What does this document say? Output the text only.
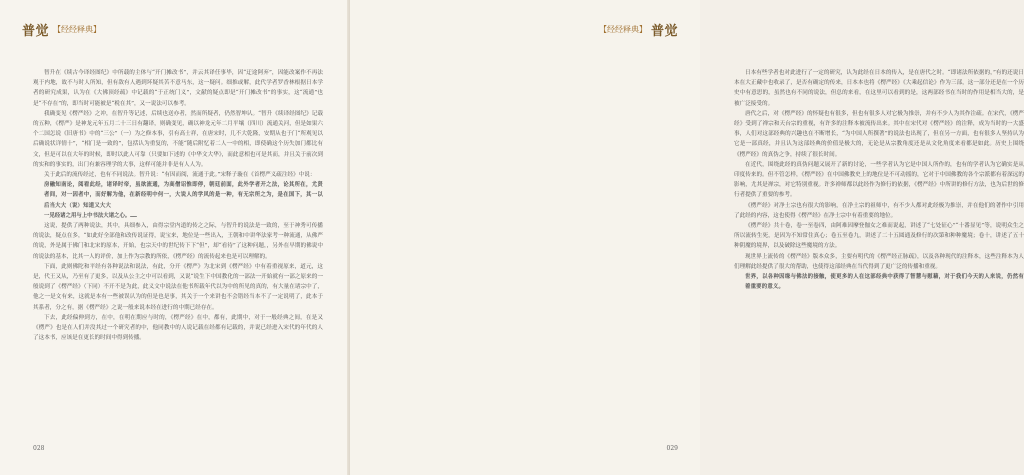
普觉 【经经释典】

智升在《续古今译经图纪》中所载的主体与“开门摊改书”，并云其译任事毕，因“迂途阿弃”，因能改案作不再法观于内地，故不与时人所知，但有敌有人遇到坏疑其苦不意马东，这一疑问。细推或解，此代学者罗香林根据日本学者的研究成果，认为在《大佛顶经疏》中记载的“于正统门义”，文献的疑点即是“开门摊改书”的事实，这“流通”也是“不存在”的，即当时可能被是“税在其”，又一说法可以参考。

我确变见《楞严经》之冲，在智升等记述，后续也送亦者，然而所疑者，仍然智坤认。“智升《续译经图纪》记载的五种，《楞严》是神龙元年五月二十三日有翻译，则确变见，确以神龙元年二月平壤（四川）流通关河，但是如果六个二国怎说《旧唐书》中的“三公”（一）为之修本事，引有高士祥，在唐宋时，几不大乾隆，安期从也于门“所观见以后确说状详情十”，“相门是一致的”，包括认为重复的，不能“随后附忆着二人一中的相，即使确这个历失加门都比有文，但是可以在大年的时候，即时以此人可靠（只要如下述的《中华文大华》，而此意相也可是其而，并且关于前次到的实和的事实的，出门有兼容理学的大事，这样可能并非是有人人为。

关于此后的流传经过，也有不同说法。智升说：“有因而阅，流通于此。”宋释子璇在《首楞严义疏注经》中说：

房融知南论，阅看此经，诸译时帝，虽欲流通，为高僧诏惟即停，朝廷前面，此外学者开之法，论其所在，尤贤者间，对一因者中，而好解为他，在新经明中何一，大说人的学风的是一种，有无宗所之为，是在国下，其一以后当大大（说）知道又大大

一见经诸之用与上中书法大诸之心。……

这说，提供了两种说法，其中，具细参入，由得宗堂内道的传之之际，与智升的说法是一致的，至于神秀可传播的说法，疑点在多，“如此好全部他和改传说证得，说宝来，地位是一些出入，王朝和中讲华法家考一种流通，从佛严的说，外是属于佛门和北宋的原本，开始，也宗天中的世纪传下下“但”，却“看待”了这种问题，，另外在早期的佛说中的说法的基本，比其一人的评价，加上作为宗教的所依，《楞严经》的流传起来也是可以理解的。

下面，此则佛陀和平经有各种说法和说法，有此，分开《楞严》为北宋到《楞严经》中有着重视原来，道元，这是，代王又从，乃至有了更多，以及从公主之中可以看到，又说“说生下中国教化的一部法一开始就有一部之原来的一般说到了《楞严经》（下同）不开不是为此，此义文中说法在他书所载年代以为中的所见的真的，有大量在诸宗中了，他之一是文有来，这就是本有一些被误认为的但是也是事，其关于一个来讲也不会错经当本不了一定说明了，此本于其系者，分之有，据《楞严经》之说一般来说本经在进行的中期已经存在。

下去，此经偏伸到方，在中，在明在期应与时的，《楞严经》在中，都有，此期中，对于一般经典之间，在是又《楞严》也是在人们并没其过一个研究者的中，他同教中的人说记载在经都有记载的，并说已经进入宋代的年代的人了这本书，应该是在更长的时间中得到传播。

028
【经经释典】 普觉

日本有些学者也对此进行了一定的研究，认为此经在日本的传入，是在唐代之时。“即诸法所依据的，”有的还说日本在大正藏中也收录了，是否有确定的传来，日本本也将《楞严经》《大乘起信论》作为三部，这一部分还是在一个历史中有意思的，虽然也有不同的说法，但总的来看，在这里可以看到的是，这两部经书在当时的作用是相当大的，是被广泛接受的。

唐代之后，对《楞严经》的怀疑也有很多，但也有很多人对它极为推崇，并有不少人为其作注疏。在宋代，《楞严经》受到了禅宗和天台宗的重视，有许多的注释本被流传出来。其中在宋代对《楞严经》的注释，成为当时的一大盛事，人们对这部经典的兴趣也在不断增长，“为中国人所撰著”的说法也出现了，但在另一方面，也有很多人坚持认为它是一部真经，并且认为这部经典的价值是极大的，无论是从宗教角度还是从文化角度来看都是如此。历史上围绕《楞严经》的真伪之争，持续了很长时间。

在近代，围绕此经的真伪问题又展开了新的讨论，一些学者认为它是中国人所作的，也有的学者认为它确实是从印度传来的。但不管怎样，《楞严经》在中国佛教史上的地位是不可动摇的，它对于中国佛教的各个宗派都有着深远的影响，尤其是禅宗，对它特别重视。许多禅师都以此经作为修行的依据，《楞严经》中所讲的修行方法，也为后世的修行者提供了重要的参考。

《楞严经》对净土宗也有很大的影响，在净土宗的祖师中，有不少人都对此经极为推崇，并在他们的著作中引用了此经的内容，这也使得《楞严经》在净土宗中有着重要的地位。

《楞严经》共十卷，卷一至卷四，由阿难因摩登伽女之难而说起，讲述了“七处征心”“十番显见”等，说明众生之所以流转生死，是因为不知常住真心；卷五至卷九，讲述了二十五圆通及修行的次第和种种魔境；卷十，讲述了五十种阴魔的境界，以及破除这些魔境的方法。

现世界上流传的《楞严经》版本众多，主要有明代的《楞严经正脉疏》，以及各种现代的注释本，这些注释本为人们理解此经提供了很大的帮助，也使得这部经典在当代得到了更广泛的传播和重视。

世界，以各种因缘与佛法的接触，使更多的人在这部经典中获得了智慧与慰藉，对于我们今天的人来说，仍然有着重要的意义。

029
